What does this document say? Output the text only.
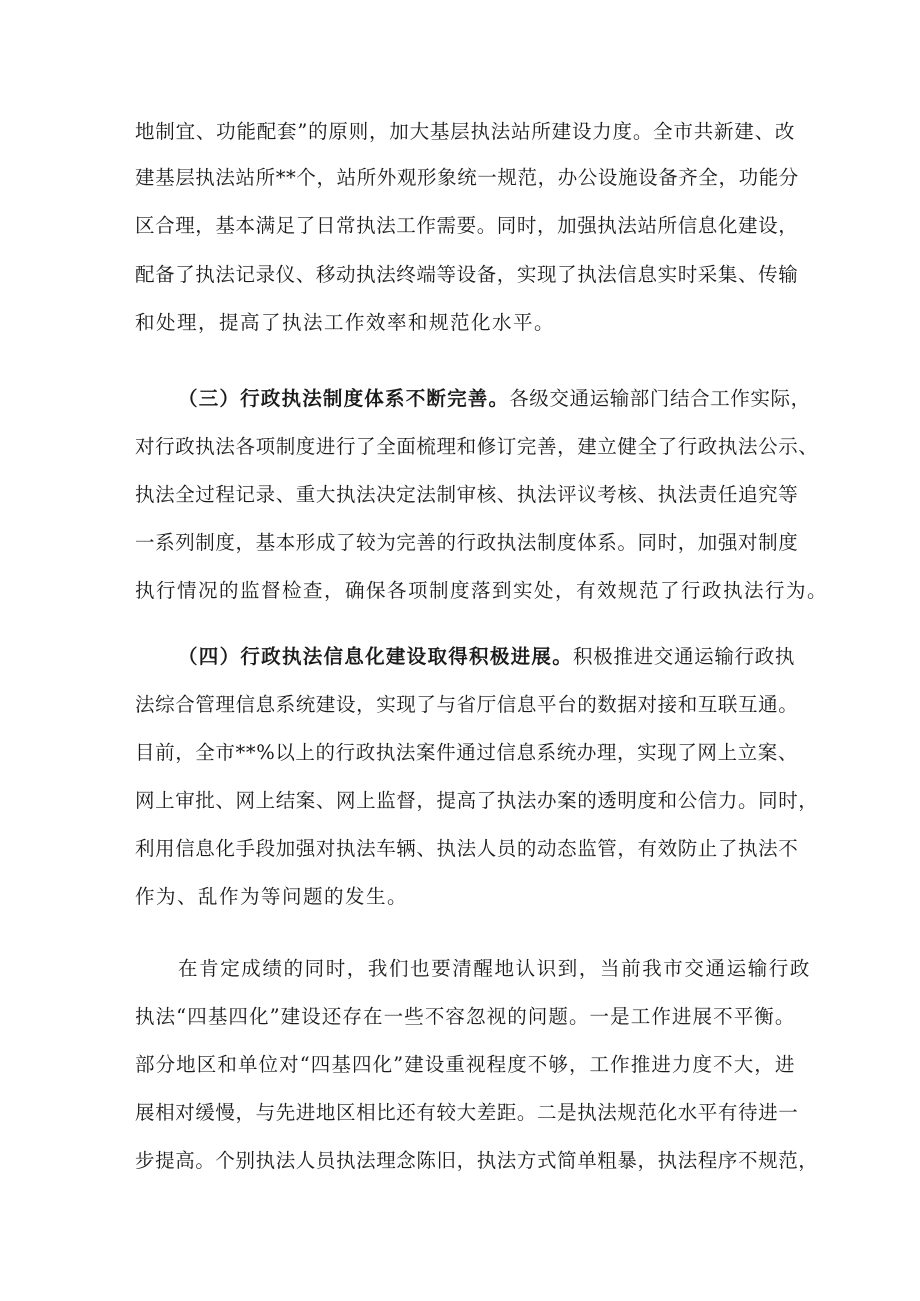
地制宜、功能配套”的原则，加大基层执法站所建设力度。全市共新建、改
建基层执法站所**个，站所外观形象统一规范，办公设施设备齐全，功能分
区合理，基本满足了日常执法工作需要。同时，加强执法站所信息化建设，
配备了执法记录仪、移动执法终端等设备，实现了执法信息实时采集、传输
和处理，提高了执法工作效率和规范化水平。
（三）行政执法制度体系不断完善。各级交通运输部门结合工作实际，
对行政执法各项制度进行了全面梳理和修订完善，建立健全了行政执法公示、
执法全过程记录、重大执法决定法制审核、执法评议考核、执法责任追究等
一系列制度，基本形成了较为完善的行政执法制度体系。同时，加强对制度
执行情况的监督检查，确保各项制度落到实处，有效规范了行政执法行为。
（四）行政执法信息化建设取得积极进展。积极推进交通运输行政执
法综合管理信息系统建设，实现了与省厅信息平台的数据对接和互联互通。
目前，全市**%以上的行政执法案件通过信息系统办理，实现了网上立案、
网上审批、网上结案、网上监督，提高了执法办案的透明度和公信力。同时，
利用信息化手段加强对执法车辆、执法人员的动态监管，有效防止了执法不
作为、乱作为等问题的发生。
在肯定成绩的同时，我们也要清醒地认识到，当前我市交通运输行政
执法“四基四化”建设还存在一些不容忽视的问题。一是工作进展不平衡。
部分地区和单位对“四基四化”建设重视程度不够，工作推进力度不大，进
展相对缓慢，与先进地区相比还有较大差距。二是执法规范化水平有待进一
步提高。个别执法人员执法理念陈旧，执法方式简单粗暴，执法程序不规范，
